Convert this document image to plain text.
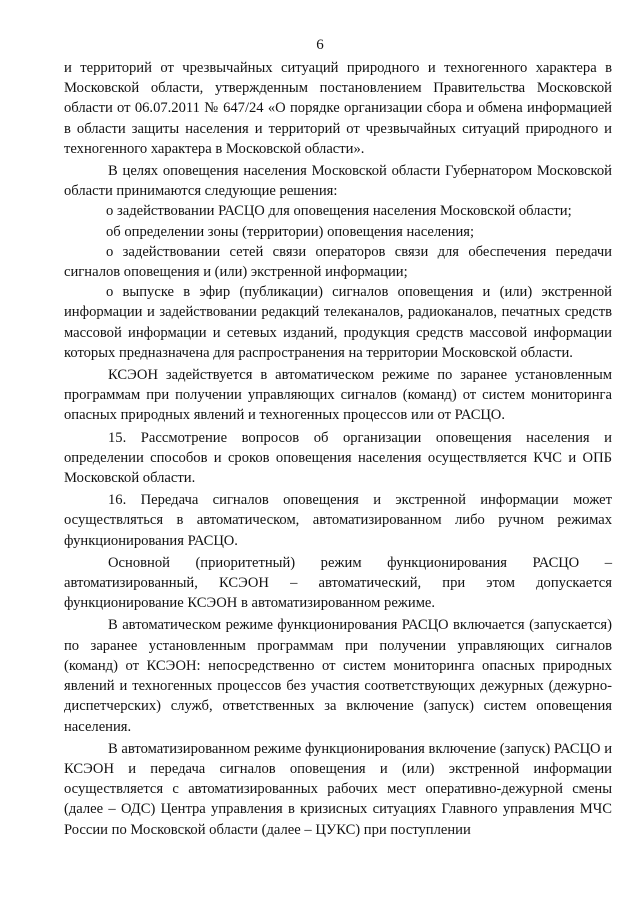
6

и территорий от чрезвычайных ситуаций природного и техногенного характера в Московской области, утвержденным постановлением Правительства Московской области от 06.07.2011 № 647/24 «О порядке организации сбора и обмена информацией в области защиты населения и территорий от чрезвычайных ситуаций природного и техногенного характера в Московской области».

В целях оповещения населения Московской области Губернатором Московской области принимаются следующие решения:

о задействовании РАСЦО для оповещения населения Московской области;

об определении зоны (территории) оповещения населения;

о задействовании сетей связи операторов связи для обеспечения передачи сигналов оповещения и (или) экстренной информации;

о выпуске в эфир (публикации) сигналов оповещения и (или) экстренной информации и задействовании редакций телеканалов, радиоканалов, печатных средств массовой информации и сетевых изданий, продукция средств массовой информации которых предназначена для распространения на территории Московской области.

КСЭОН задействуется в автоматическом режиме по заранее установленным программам при получении управляющих сигналов (команд) от систем мониторинга опасных природных явлений и техногенных процессов или от РАСЦО.

15. Рассмотрение вопросов об организации оповещения населения и определении способов и сроков оповещения населения осуществляется КЧС и ОПБ Московской области.

16. Передача сигналов оповещения и экстренной информации может осуществляться в автоматическом, автоматизированном либо ручном режимах функционирования РАСЦО.

Основной (приоритетный) режим функционирования РАСЦО – автоматизированный, КСЭОН – автоматический, при этом допускается функционирование КСЭОН в автоматизированном режиме.

В автоматическом режиме функционирования РАСЦО включается (запускается) по заранее установленным программам при получении управляющих сигналов (команд) от КСЭОН: непосредственно от систем мониторинга опасных природных явлений и техногенных процессов без участия соответствующих дежурных (дежурно-диспетчерских) служб, ответственных за включение (запуск) систем оповещения населения.

В автоматизированном режиме функционирования включение (запуск) РАСЦО и КСЭОН и передача сигналов оповещения и (или) экстренной информации осуществляется с автоматизированных рабочих мест оперативно-дежурной смены (далее – ОДС) Центра управления в кризисных ситуациях Главного управления МЧС России по Московской области (далее – ЦУКС) при поступлении
